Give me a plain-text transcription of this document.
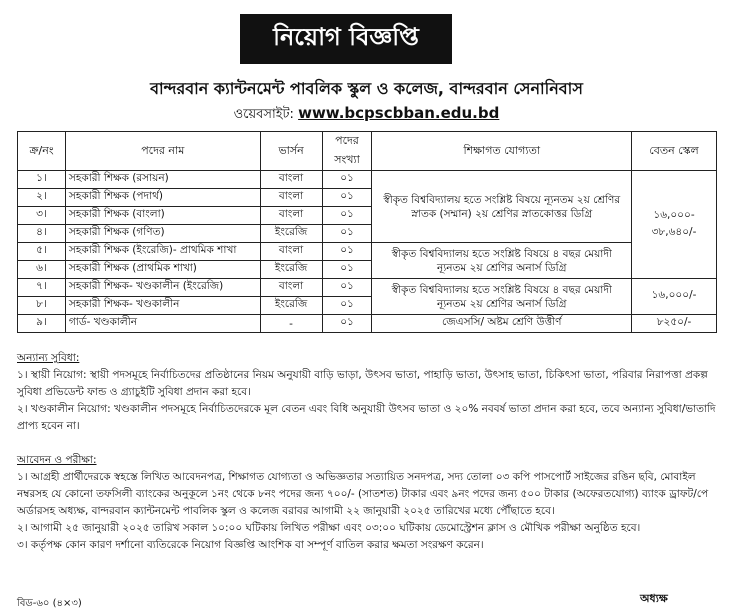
নিয়োগ বিজ্ঞপ্তি
বান্দরবান ক্যান্টনমেন্ট পাবলিক স্কুল ও কলেজ, বান্দরবান সেনানিবাস
ওয়েবসাইট: www.bcpscbban.edu.bd
ক্র/নং	পদের নাম	ভার্সন	পদের সংখ্যা	শিক্ষাগত যোগ্যতা	বেতন স্কেল
১।	সহকারী শিক্ষক (রসায়ন)	বাংলা	০১	স্বীকৃত বিশ্ববিদ্যালয় হতে সংশ্লিষ্ট বিষয়ে ন্যূনতম ২য় শ্রেণির স্নাতক (সম্মান) ২য় শ্রেণির স্নাতকোত্তর ডিগ্রি	১৬,০০০- ৩৮,৬৪০/-
২।	সহকারী শিক্ষক (পদার্থ)	বাংলা	০১		
৩।	সহকারী শিক্ষক (বাংলা)	বাংলা	০১		
৪।	সহকারী শিক্ষক (গণিত)	ইংরেজি	০১		
৫।	সহকারী শিক্ষক (ইংরেজি)- প্রাথমিক শাখা	বাংলা	০১	স্বীকৃত বিশ্ববিদ্যালয় হতে সংশ্লিষ্ট বিষয়ে ৪ বছর মেয়াদী ন্যূনতম ২য় শ্রেণির অনার্স ডিগ্রি	
৬।	সহকারী শিক্ষক (প্রাথমিক শাখা)	ইংরেজি	০১		
৭।	সহকারী শিক্ষক- খণ্ডকালীন (ইংরেজি)	বাংলা	০১	স্বীকৃত বিশ্ববিদ্যালয় হতে সংশ্লিষ্ট বিষয়ে ৪ বছর মেয়াদী ন্যূনতম ২য় শ্রেণির অনার্স ডিগ্রি	১৬,০০০/-
৮।	সহকারী শিক্ষক- খণ্ডকালীন	ইংরেজি	০১		
৯।	গার্ড- খণ্ডকালীন	-	০১	জেএসসি/ অষ্টম শ্রেণি উত্তীর্ণ	৮২৫০/-
অন্যান্য সুবিধা:
১। স্থায়ী নিয়োগ: স্থায়ী পদসমূহে নির্বাচিতদের প্রতিষ্ঠানের নিয়ম অনুযায়ী বাড়ি ভাড়া, উৎসব ভাতা, পাহাড়ি ভাতা, উৎসাহ ভাতা, চিকিৎসা ভাতা, পরিবার নিরাপত্তা প্রকল্প সুবিধা প্রভিডেন্ট ফান্ড ও গ্র্যাচুইটি সুবিধা প্রদান করা হবে।
২। খণ্ডকালীন নিয়োগ: খণ্ডকালীন পদসমূহে নির্বাচিতদেরকে মূল বেতন এবং বিধি অনুযায়ী উৎসব ভাতা ও ২০% নববর্ষ ভাতা প্রদান করা হবে, তবে অন্যান্য সুবিধা/ভাতাদি প্রাপ্য হবেন না।
আবেদন ও পরীক্ষা:
১। আগ্রহী প্রার্থীদেরকে স্বহস্তে লিখিত আবেদনপত্র, শিক্ষাগত যোগ্যতা ও অভিজ্ঞতার সত্যায়িত সনদপত্র, সদ্য তোলা ০৩ কপি পাসপোর্ট সাইজের রঙিন ছবি, মোবাইল নম্বরসহ যে কোনো তফসিলী ব্যাংকের অনুকূলে ১নং থেকে ৮নং পদের জন্য ৭০০/- (সাতশত) টাকার এবং ৯নং পদের জন্য ৫০০ টাকার (অফেরতযোগ্য) ব্যাংক ড্রাফট/পে অর্ডারসহ অধ্যক্ষ, বান্দরবান ক্যান্টনমেন্ট পাবলিক স্কুল ও কলেজ বরাবর আগামী ২২ জানুয়ারী ২০২৫ তারিখের মধ্যে পৌঁছাতে হবে।
২। আগামী ২৫ জানুয়ারী ২০২৫ তারিখ সকাল ১০:০০ ঘটিকায় লিখিত পরীক্ষা এবং ০৩:০০ ঘটিকায় ডেমোস্ট্রেশন ক্লাস ও মৌখিক পরীক্ষা অনুষ্ঠিত হবে।
৩। কর্তৃপক্ষ কোন কারণ দর্শানো ব্যতিরেকে নিয়োগ বিজ্ঞপ্তি আংশিক বা সম্পূর্ণ বাতিল করার ক্ষমতা সংরক্ষণ করেন।
বিড-৬০ (৪×৩)	অধ্যক্ষ
